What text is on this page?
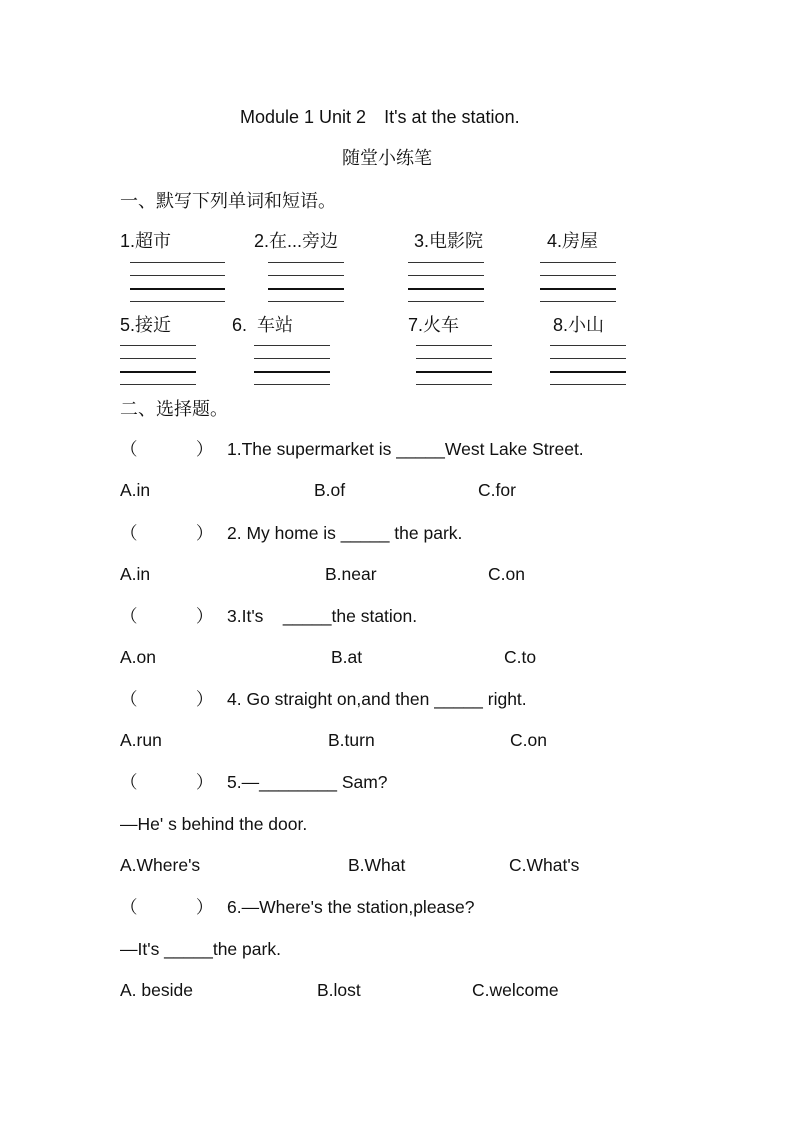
Module 1 Unit 2　It's at the station.
随堂小练笔
一、默写下列单词和短语。
1.超市	2.在...旁边	3.电影院	4.房屋
5.接近	6.  车站	7.火车	8.小山
二、选择题。
（            ） 1.The supermarket is _____West Lake Street.
A.in	B.of	C.for
（            ） 2. My home is _____ the park.
A.in	B.near	C.on
（            ） 3.It's    _____the station.
A.on	B.at	C.to
（            ） 4. Go straight on,and then _____ right.
A.run	B.turn	C.on
（            ） 5.—________ Sam?
—He' s behind the door.
A.Where's	B.What	C.What's
（            ） 6.—Where's the station,please?
—It's _____the park.
A. beside	B.lost	C.welcome
